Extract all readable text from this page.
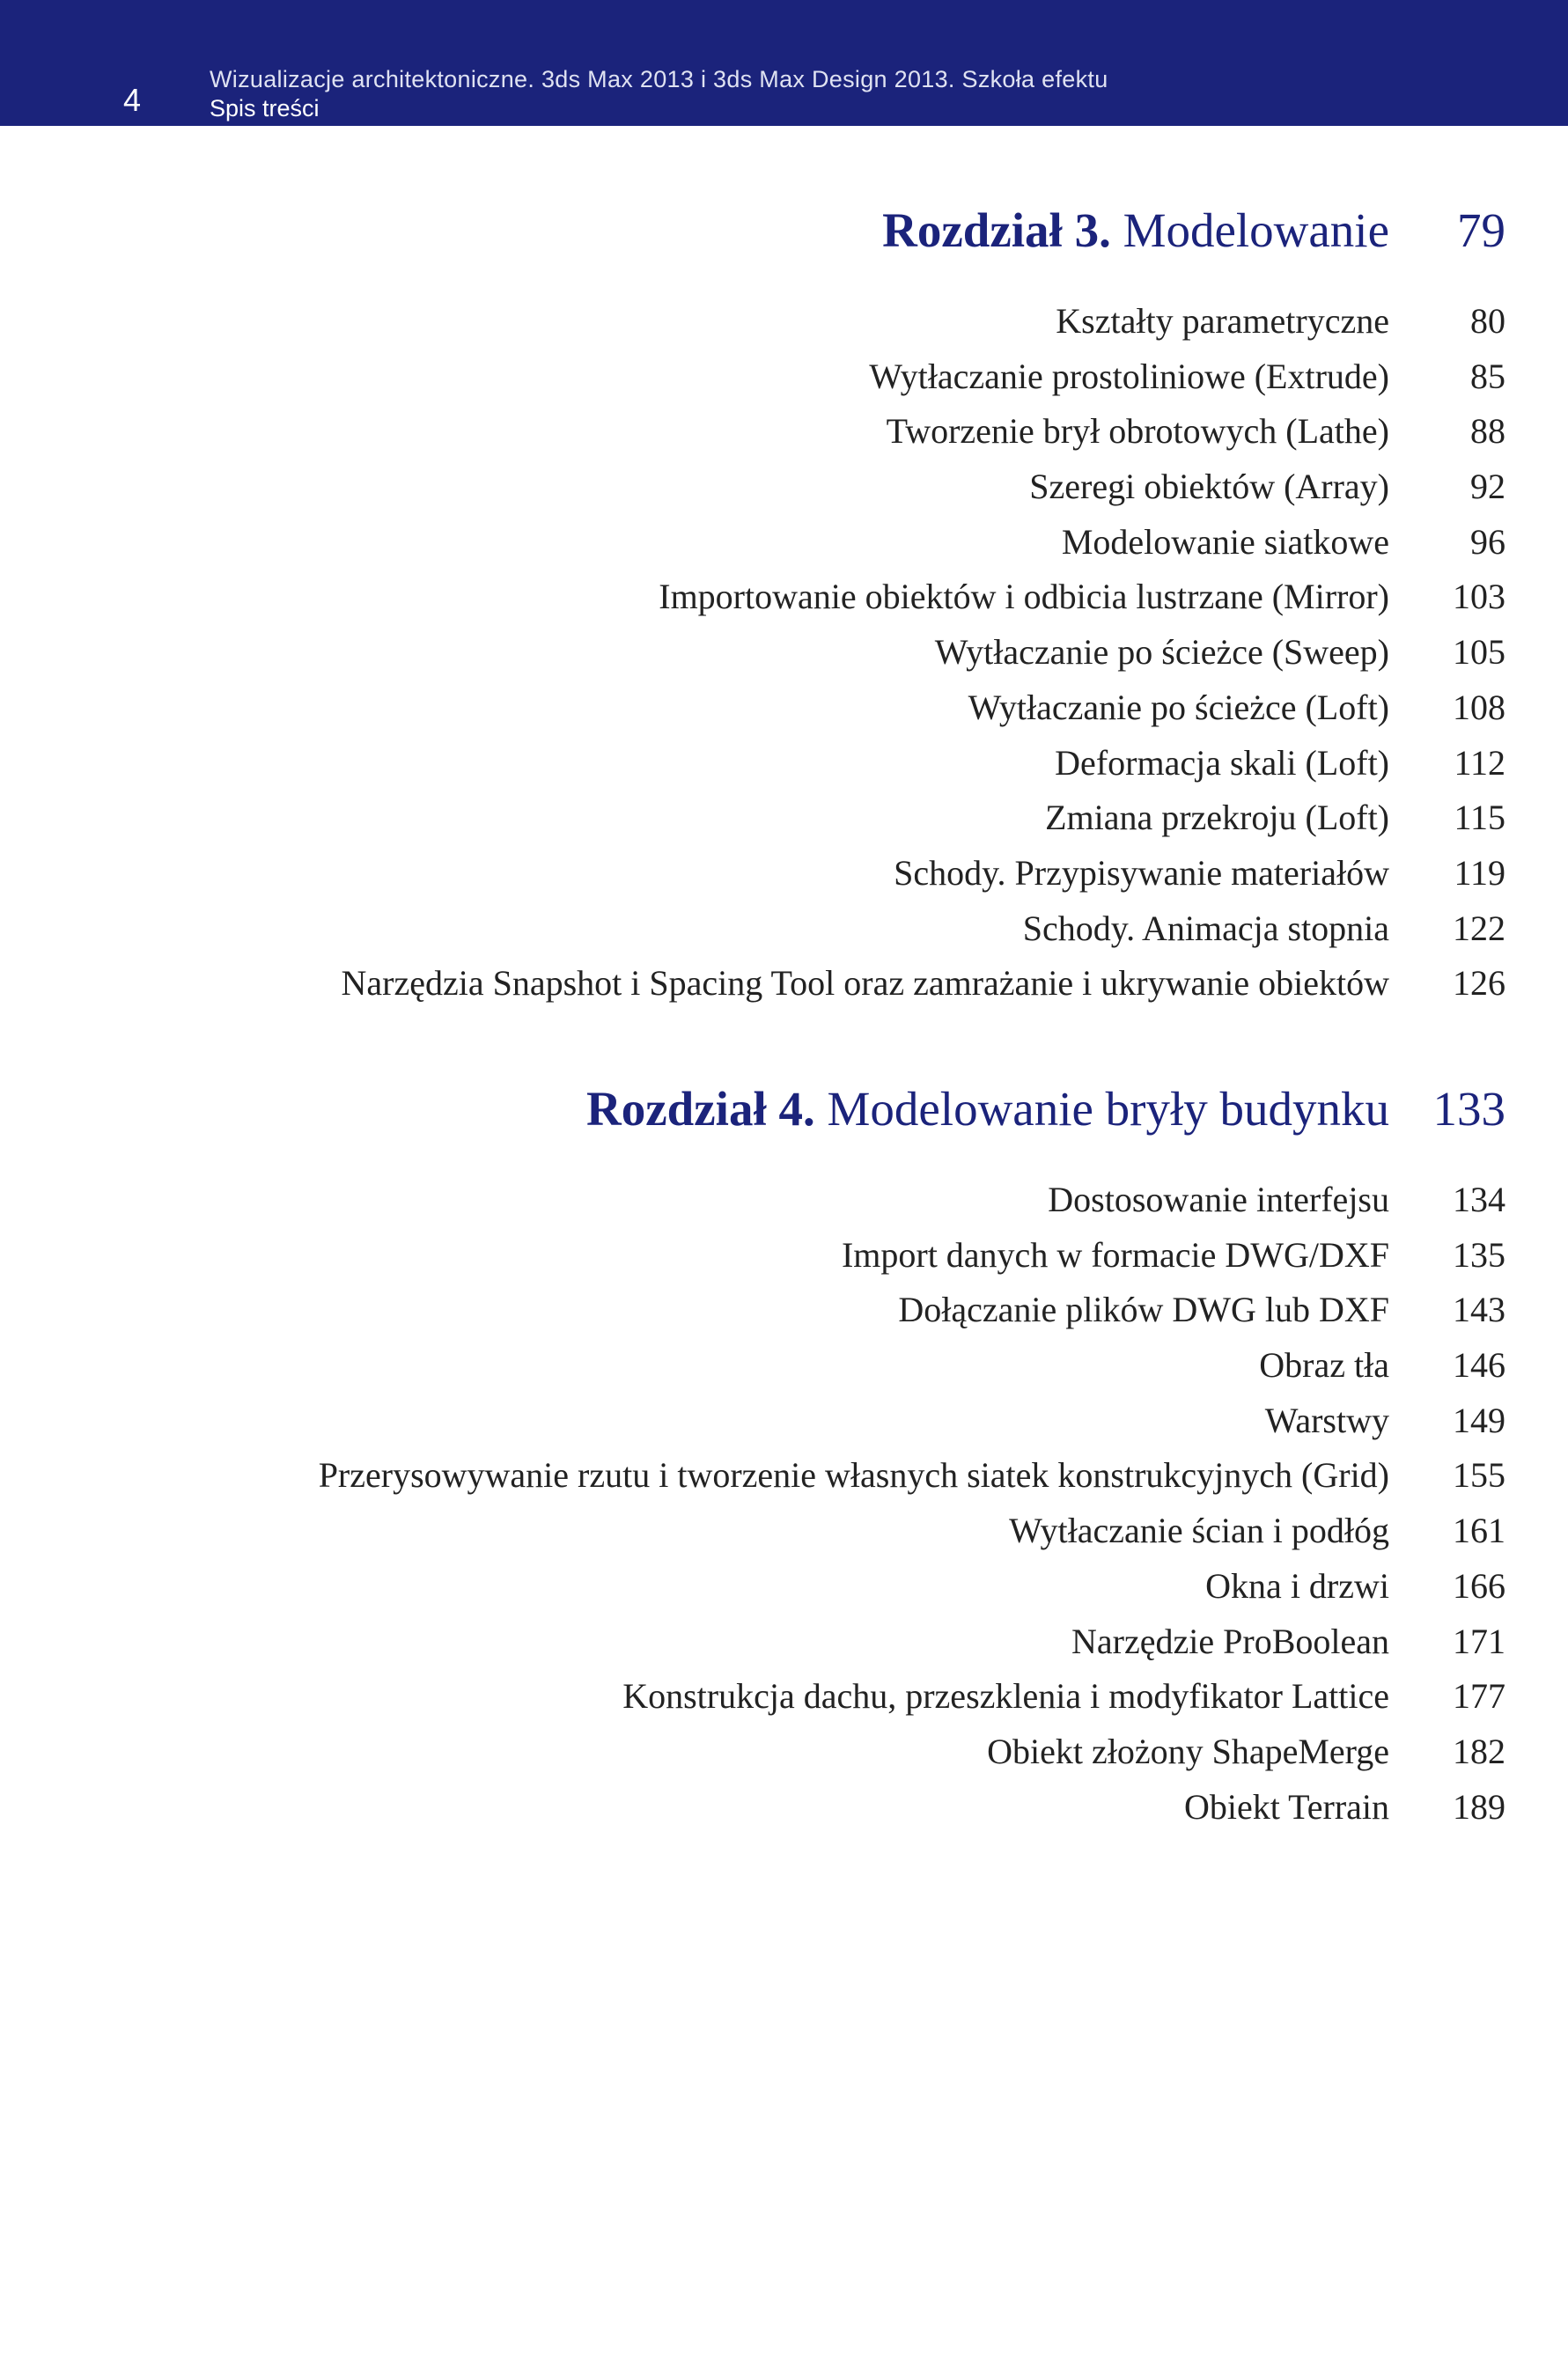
4
Wizualizacje architektoniczne. 3ds Max 2013 i 3ds Max Design 2013. Szkoła efektu
Spis treści
Rozdział 3. Modelowanie 79
Kształty parametryczne	80
Wytłaczanie prostoliniowe (Extrude)	85
Tworzenie brył obrotowych (Lathe)	88
Szeregi obiektów (Array)	92
Modelowanie siatkowe	96
Importowanie obiektów i odbicia lustrzane (Mirror)	103
Wytłaczanie po ścieżce (Sweep)	105
Wytłaczanie po ścieżce (Loft)	108
Deformacja skali (Loft)	112
Zmiana przekroju (Loft)	115
Schody. Przypisywanie materiałów	119
Schody. Animacja stopnia	122
Narzędzia Snapshot i Spacing Tool oraz zamrażanie i ukrywanie obiektów	126
Rozdział 4. Modelowanie bryły budynku 133
Dostosowanie interfejsu	134
Import danych w formacie DWG/DXF	135
Dołączanie plików DWG lub DXF	143
Obraz tła	146
Warstwy	149
Przerysowywanie rzutu i tworzenie własnych siatek konstrukcyjnych (Grid)	155
Wytłaczanie ścian i podłóg	161
Okna i drzwi	166
Narzędzie ProBoolean	171
Konstrukcja dachu, przeszklenia i modyfikator Lattice	177
Obiekt złożony ShapeMerge	182
Obiekt Terrain	189
